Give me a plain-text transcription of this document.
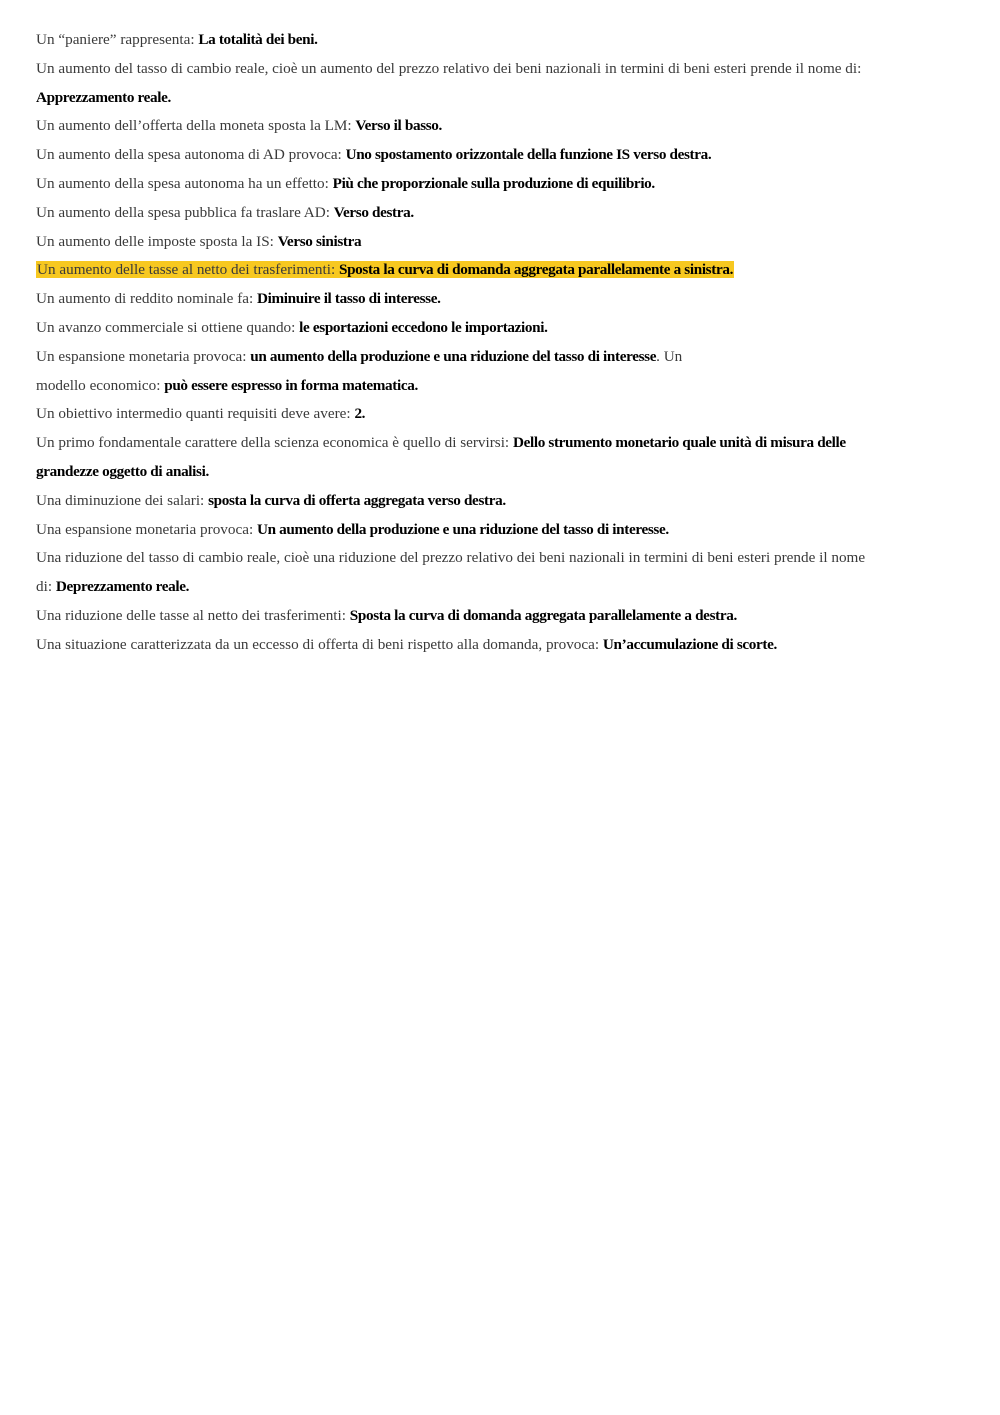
Un “paniere” rappresenta: La totalità dei beni.
Un aumento del tasso di cambio reale, cioè un aumento del prezzo relativo dei beni nazionali in termini di beni esteri prende il nome di:
Apprezzamento reale.
Un aumento dell’offerta della moneta sposta la LM: Verso il basso.
Un aumento della spesa autonoma di AD provoca: Uno spostamento orizzontale della funzione IS verso destra.
Un aumento della spesa autonoma ha un effetto: Più che proporzionale sulla produzione di equilibrio.
Un aumento della spesa pubblica fa traslare AD: Verso destra.
Un aumento delle imposte sposta la IS: Verso sinistra
Un aumento delle tasse al netto dei trasferimenti: Sposta la curva di domanda aggregata parallelamente a sinistra.
Un aumento di reddito nominale fa: Diminuire il tasso di interesse.
Un avanzo commerciale si ottiene quando: le esportazioni eccedono le importazioni.
Un espansione monetaria provoca: un aumento della produzione e una riduzione del tasso di interesse. Un
modello economico: può essere espresso in forma matematica.
Un obiettivo intermedio quanti requisiti deve avere: 2.
Un primo fondamentale carattere della scienza economica è quello di servirsi: Dello strumento monetario quale unità di misura delle
grandezze oggetto di analisi.
Una diminuzione dei salari: sposta la curva di offerta aggregata verso destra.
Una espansione monetaria provoca: Un aumento della produzione e una riduzione del tasso di interesse.
Una riduzione del tasso di cambio reale, cioè una riduzione del prezzo relativo dei beni nazionali in termini di beni esteri prende il nome
di: Deprezzamento reale.
Una riduzione delle tasse al netto dei trasferimenti: Sposta la curva di domanda aggregata parallelamente a destra.
Una situazione caratterizzata da un eccesso di offerta di beni rispetto alla domanda, provoca: Un’accumulazione di scorte.
